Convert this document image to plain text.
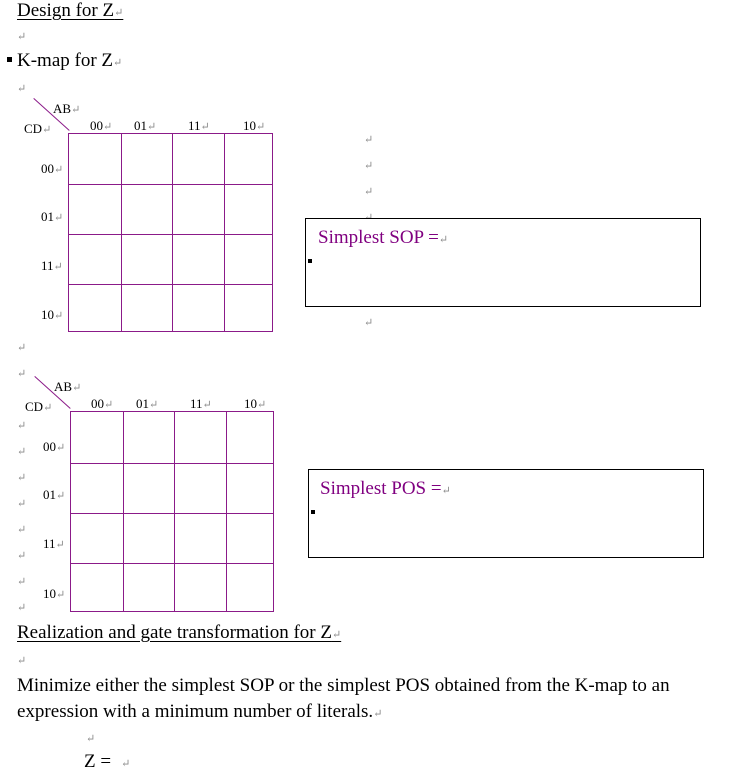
Design for Z↵
↵
K-map for Z↵
↵
AB↵
CD↵	00↵ 01↵ 11↵	10↵
00↵
01↵
11↵
10↵
↵
↵
↵
↵
Simplest SOP =↵
↵
↵
AB↵
CD↵	00↵ 01↵ 11↵ 10↵
00↵
01↵
11↵
10↵
↵
↵
↵
↵
↵
↵
↵
↵
Simplest POS =↵
Realization and gate transformation for Z↵
↵
Minimize either the simplest SOP or the simplest POS obtained from the K-map to an expression with a minimum number of literals.↵
↵
Z = ↵
